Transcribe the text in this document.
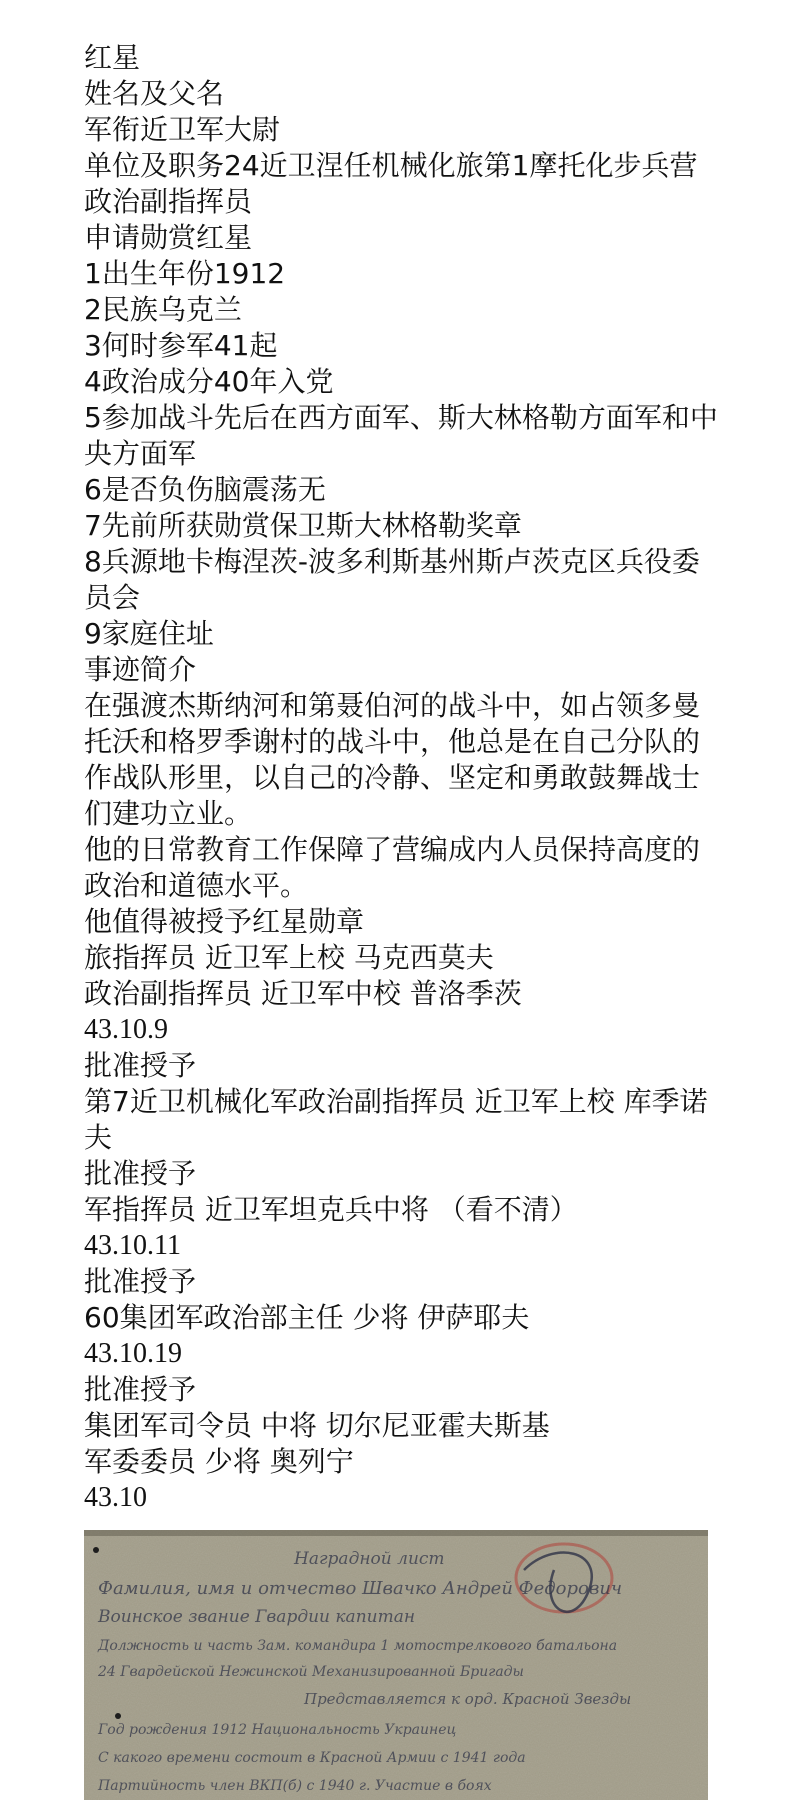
红星

姓名及父名

军衔近卫军大尉

单位及职务24近卫涅任机械化旅第1摩托化步兵营政治副指挥员

申请勋赏红星

1出生年份1912

2民族乌克兰

3何时参军41起

4政治成分40年入党

5参加战斗先后在西方面军、斯大林格勒方面军和中央方面军

6是否负伤脑震荡无

7先前所获勋赏保卫斯大林格勒奖章

8兵源地卡梅涅茨-波多利斯基州斯卢茨克区兵役委员会

9家庭住址

事迹简介

在强渡杰斯纳河和第聂伯河的战斗中，如占领多曼托沃和格罗季谢村的战斗中，他总是在自己分队的作战队形里，以自己的冷静、坚定和勇敢鼓舞战士们建功立业。

他的日常教育工作保障了营编成内人员保持高度的政治和道德水平。

他值得被授予红星勋章

旅指挥员 近卫军上校 马克西莫夫

政治副指挥员 近卫军中校 普洛季茨

43.10.9

批准授予

第7近卫机械化军政治副指挥员 近卫军上校 库季诺夫

批准授予

军指挥员 近卫军坦克兵中将 （看不清）

43.10.11

批准授予

60集团军政治部主任 少将 伊萨耶夫

43.10.19

批准授予

集团军司令员 中将 切尔尼亚霍夫斯基

军委委员 少将 奥列宁

43.10

Наградной лист
Фамилия, имя и отчество Швачко Андрей Федорович
Воинское звание Гвардии капитан
Должность и часть Зам. командира 1 мотострелкового батальона
24 Гвардейской Нежинской Механизированной Бригады
Представляется к орд. Красной Звезды
Год рождения 1912 Национальность Украинец
С какого времени состоит в Красной Армии с 1941 года
Партийность член ВКП(б) с 1940 г. Участие в боях
